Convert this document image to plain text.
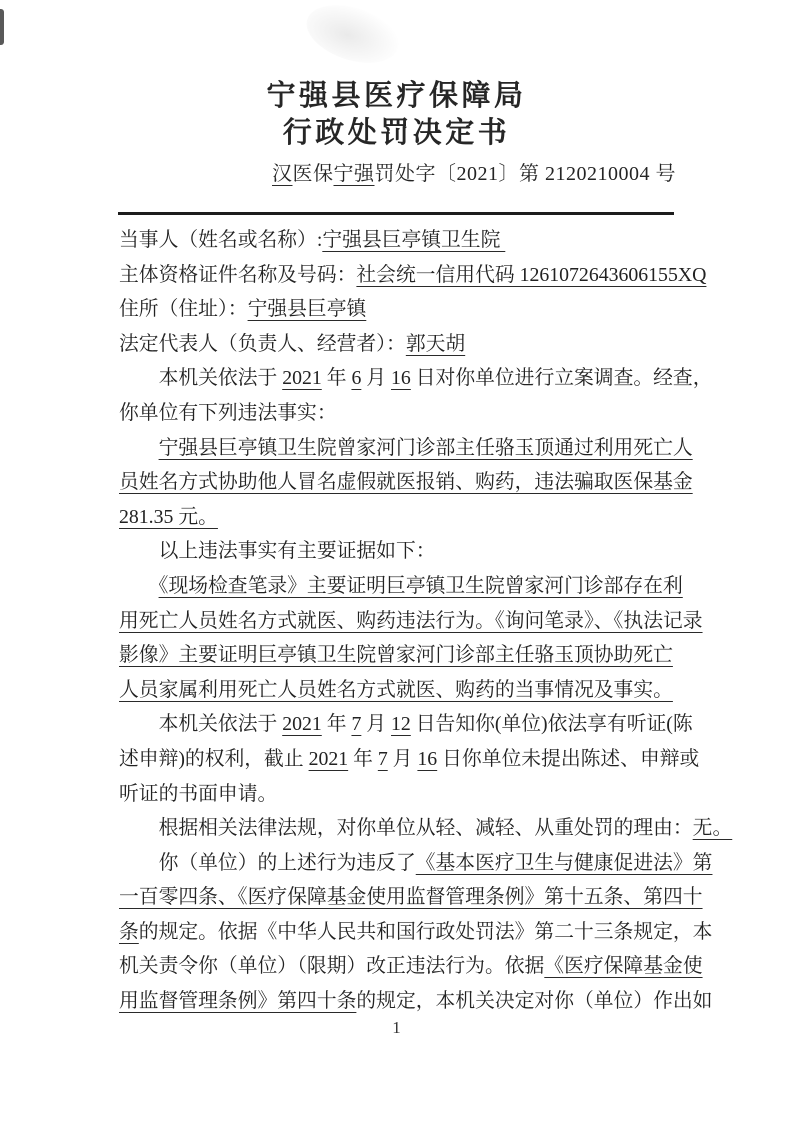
宁强县医疗保障局
行政处罚决定书
汉医保宁强罚处字〔2021〕第 2120210004 号
当事人（姓名或名称）:宁强县巨亭镇卫生院
主体资格证件名称及号码：社会统一信用代码 1261072643606155XQ
住所（住址）：宁强县巨亭镇
法定代表人（负责人、经营者）：郭天胡
　　本机关依法于 2021 年 6 月 16 日对你单位进行立案调查。经查，
你单位有下列违法事实：
　　宁强县巨亭镇卫生院曾家河门诊部主任骆玉顶通过利用死亡人
员姓名方式协助他人冒名虚假就医报销、购药，违法骗取医保基金
281.35 元。
　　以上违法事实有主要证据如下：
　　《现场检查笔录》主要证明巨亭镇卫生院曾家河门诊部存在利
用死亡人员姓名方式就医、购药违法行为。《询问笔录》、《执法记录
影像》主要证明巨亭镇卫生院曾家河门诊部主任骆玉顶协助死亡
人员家属利用死亡人员姓名方式就医、购药的当事情况及事实。
　　本机关依法于 2021 年 7 月 12 日告知你(单位)依法享有听证(陈
述申辩)的权利，截止 2021 年 7 月 16 日你单位未提出陈述、申辩或
听证的书面申请。
　　根据相关法律法规，对你单位从轻、减轻、从重处罚的理由：无。
　　你（单位）的上述行为违反了《基本医疗卫生与健康促进法》第
一百零四条、《医疗保障基金使用监督管理条例》第十五条、第四十
条的规定。依据《中华人民共和国行政处罚法》第二十三条规定，本
机关责令你（单位）（限期）改正违法行为。依据《医疗保障基金使
用监督管理条例》第四十条的规定，本机关决定对你（单位）作出如
1
